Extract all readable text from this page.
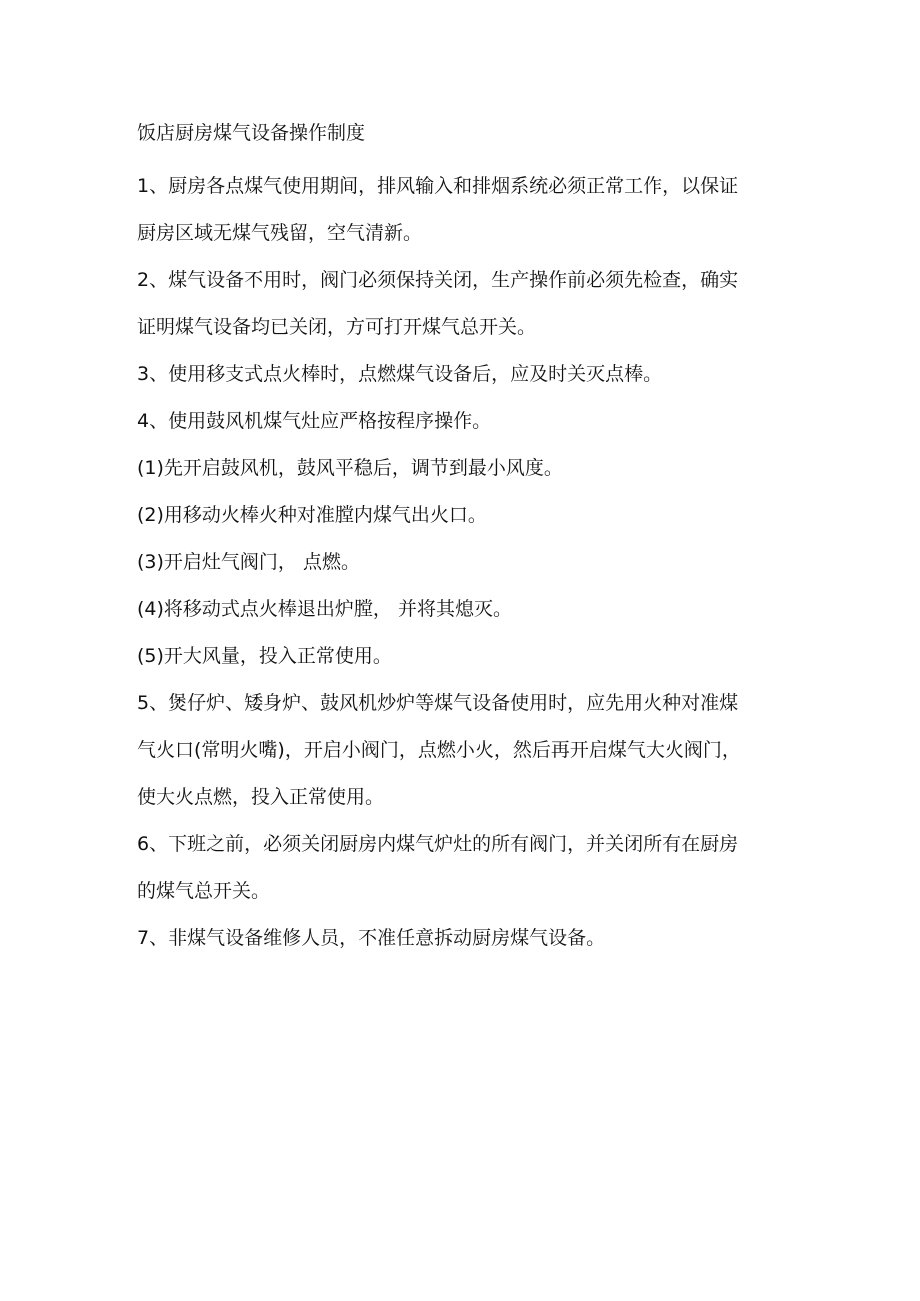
饭店厨房煤气设备操作制度
1、厨房各点煤气使用期间，排风输入和排烟系统必须正常工作，以保证
厨房区域无煤气残留，空气清新。
2、煤气设备不用时，阀门必须保持关闭，生产操作前必须先检查，确实
证明煤气设备均已关闭，方可打开煤气总开关。
3、使用移支式点火棒时，点燃煤气设备后，应及时关灭点棒。
4、使用鼓风机煤气灶应严格按程序操作。
(1)先开启鼓风机，鼓风平稳后，调节到最小风度。
(2)用移动火棒火种对准膛内煤气出火口。
(3)开启灶气阀门， 点燃。
(4)将移动式点火棒退出炉膛， 并将其熄灭。
(5)开大风量，投入正常使用。
5、煲仔炉、矮身炉、鼓风机炒炉等煤气设备使用时，应先用火种对准煤
气火口(常明火嘴)，开启小阀门，点燃小火，然后再开启煤气大火阀门，
使大火点燃，投入正常使用。
6、下班之前，必须关闭厨房内煤气炉灶的所有阀门，并关闭所有在厨房
的煤气总开关。
7、非煤气设备维修人员，不准任意拆动厨房煤气设备。
